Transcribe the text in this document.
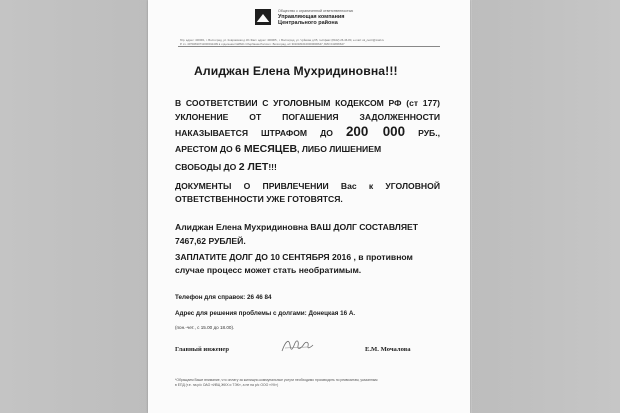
Общество с ограниченной ответственностью
Управляющая компания
Центрального района
Юр. адрес: 400001, г. Волгоград, ул. Ковровская д.3/1 Факт. адрес: 400005 , г. Волгоград, ул. Чуйкова д.65, тел/факс (8442) 26-46-84; e-mail: uk_centr@mail.ru
Р. сч. 40702810711000011409 в отделении №8621 Сбербанка России г. Волгоград, к/с 30101810100000000647, БИК 041806647
Алиджан Елена Мухридиновна!!!
В СООТВЕТСТВИИ С УГОЛОВНЫМ КОДЕКСОМ РФ (ст 177)
УКЛОНЕНИЕ ОТ ПОГАШЕНИЯ ЗАДОЛЖЕННОСТИ
НАКАЗЫВАЕТСЯ ШТРАФОМ ДО 200 000 РУБ.,
АРЕСТОМ ДО 6 МЕСЯЦЕВ, ЛИБО ЛИШЕНИЕМ
СВОБОДЫ ДО 2 ЛЕТ!!!
ДОКУМЕНТЫ О ПРИВЛЕЧЕНИИ Вас к УГОЛОВНОЙ
ОТВЕТСТВЕННОСТИ УЖЕ ГОТОВЯТСЯ.
Алиджан Елена Мухридиновна ВАШ ДОЛГ СОСТАВЛЯЕТ
7467,62 РУБЛЕЙ.
ЗАПЛАТИТЕ ДОЛГ ДО 10 СЕНТЯБРЯ 2016 , в противном
случае процесс может стать необратимым.
Телефон для справок: 26 46 84
Адрес для решения проблемы с долгами: Донецкая 16 А.
(пон.-чет., с 15.00 до 18.00).
Главный инженер	Е.М. Мочалова
*Обращаем Ваше внимание, что оплату за жилищно-коммунальные услуги необходимо производить по реквизитам, указанным
в ЕПД (т.е. на р/с ОАО «ИВЦ ЖКХ и ТЭК», а не на р/с ООО «УК»)
